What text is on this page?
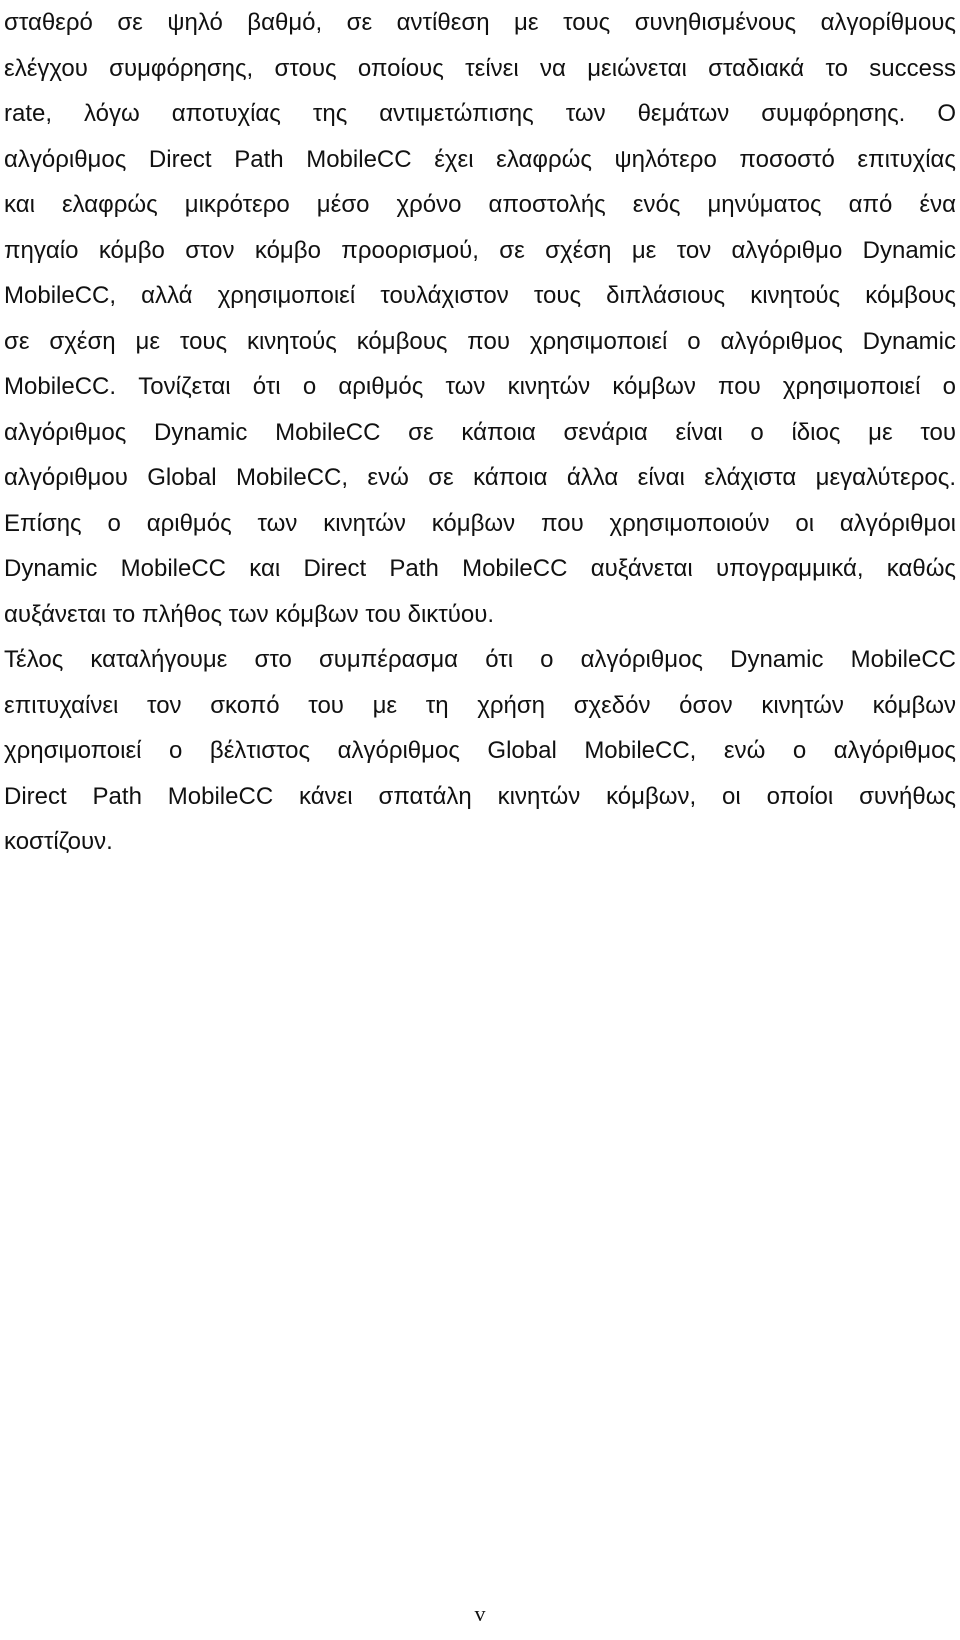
σταθερό σε ψηλό βαθμό, σε αντίθεση με τους συνηθισμένους αλγορίθμους
ελέγχου συμφόρησης, στους οποίους τείνει να μειώνεται σταδιακά το success
rate, λόγω αποτυχίας της αντιμετώπισης των θεμάτων συμφόρησης. Ο
αλγόριθμος Direct Path MobileCC έχει ελαφρώς ψηλότερο ποσοστό επιτυχίας
και ελαφρώς μικρότερο μέσο χρόνο αποστολής ενός μηνύματος από ένα
πηγαίο κόμβο στον κόμβο προορισμού, σε σχέση με τον αλγόριθμο Dynamic
MobileCC, αλλά χρησιμοποιεί τουλάχιστον τους διπλάσιους κινητούς κόμβους
σε σχέση με τους κινητούς κόμβους που χρησιμοποιεί ο αλγόριθμος Dynamic
MobileCC. Τονίζεται ότι ο αριθμός των κινητών κόμβων που χρησιμοποιεί ο
αλγόριθμος Dynamic MobileCC σε κάποια σενάρια είναι ο ίδιος με του
αλγόριθμου Global MobileCC, ενώ σε κάποια άλλα είναι ελάχιστα μεγαλύτερος.
Επίσης ο αριθμός των κινητών κόμβων που χρησιμοποιούν οι αλγόριθμοι
Dynamic MobileCC και Direct Path MobileCC αυξάνεται υπογραμμικά, καθώς
αυξάνεται το πλήθος των κόμβων του δικτύου.
Τέλος καταλήγουμε στο συμπέρασμα ότι ο αλγόριθμος Dynamic MobileCC
επιτυχαίνει τον σκοπό του με τη χρήση σχεδόν όσον κινητών κόμβων
χρησιμοποιεί ο βέλτιστος αλγόριθμος Global MobileCC, ενώ ο αλγόριθμος
Direct Path MobileCC κάνει σπατάλη κινητών κόμβων, οι οποίοι συνήθως
κοστίζουν.
v
